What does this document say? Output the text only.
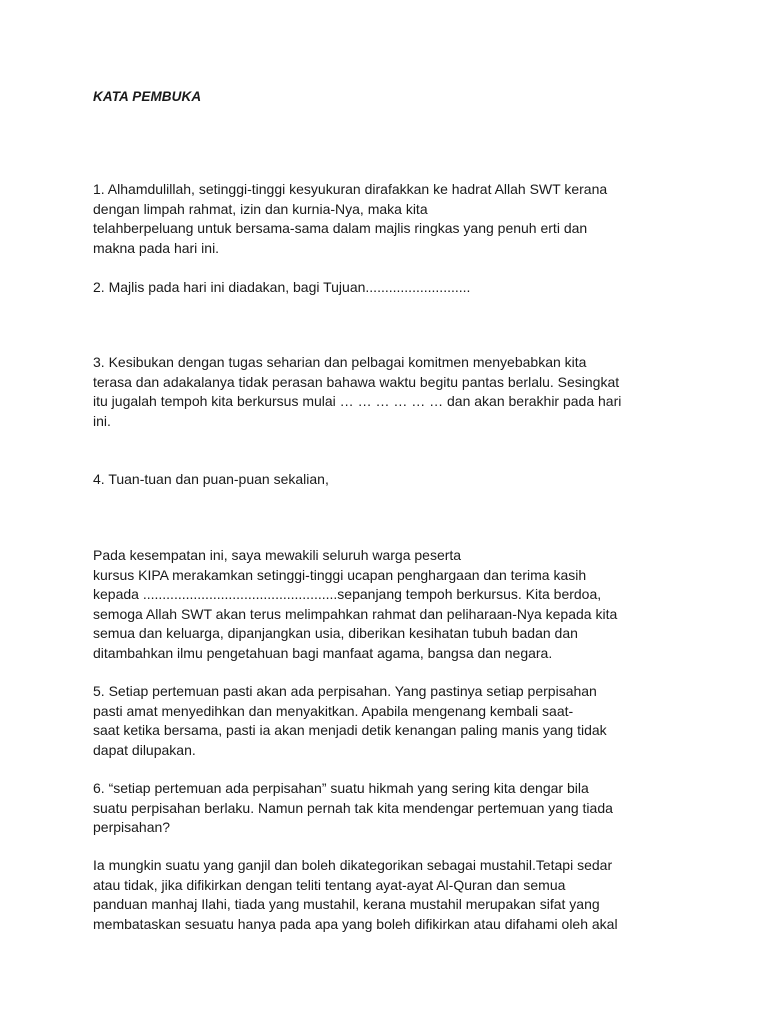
KATA PEMBUKA
1. Alhamdulillah, setinggi-tinggi kesyukuran dirafakkan ke hadrat Allah SWT kerana
dengan limpah rahmat, izin dan kurnia-Nya, maka kita
telahberpeluang untuk bersama-sama dalam majlis ringkas yang penuh erti dan
makna pada hari ini.
2. Majlis pada hari ini diadakan, bagi Tujuan...........................
3. Kesibukan dengan tugas seharian dan pelbagai komitmen menyebabkan kita
terasa dan adakalanya tidak perasan bahawa waktu begitu pantas berlalu. Sesingkat
itu jugalah tempoh kita berkursus mulai … … … … … … dan akan berakhir pada hari
ini.
4. Tuan-tuan dan puan-puan sekalian,
Pada kesempatan ini, saya mewakili seluruh warga peserta
kursus KIPA merakamkan setinggi-tinggi ucapan penghargaan dan terima kasih
kepada ..................................................sepanjang tempoh berkursus. Kita berdoa,
semoga Allah SWT akan terus melimpahkan rahmat dan peliharaan-Nya kepada kita
semua dan keluarga, dipanjangkan usia, diberikan kesihatan tubuh badan dan
ditambahkan ilmu pengetahuan bagi manfaat agama, bangsa dan negara.
5. Setiap pertemuan pasti akan ada perpisahan. Yang pastinya setiap perpisahan
pasti amat menyedihkan dan menyakitkan. Apabila mengenang kembali saat-
saat ketika bersama, pasti ia akan menjadi detik kenangan paling manis yang tidak
dapat dilupakan.
6. “setiap pertemuan ada perpisahan” suatu hikmah yang sering kita dengar bila
suatu perpisahan berlaku. Namun pernah tak kita mendengar pertemuan yang tiada
perpisahan?
Ia mungkin suatu yang ganjil dan boleh dikategorikan sebagai mustahil.Tetapi sedar
atau tidak, jika difikirkan dengan teliti tentang ayat-ayat Al-Quran dan semua
panduan manhaj Ilahi, tiada yang mustahil, kerana mustahil merupakan sifat yang
membataskan sesuatu hanya pada apa yang boleh difikirkan atau difahami oleh akal
